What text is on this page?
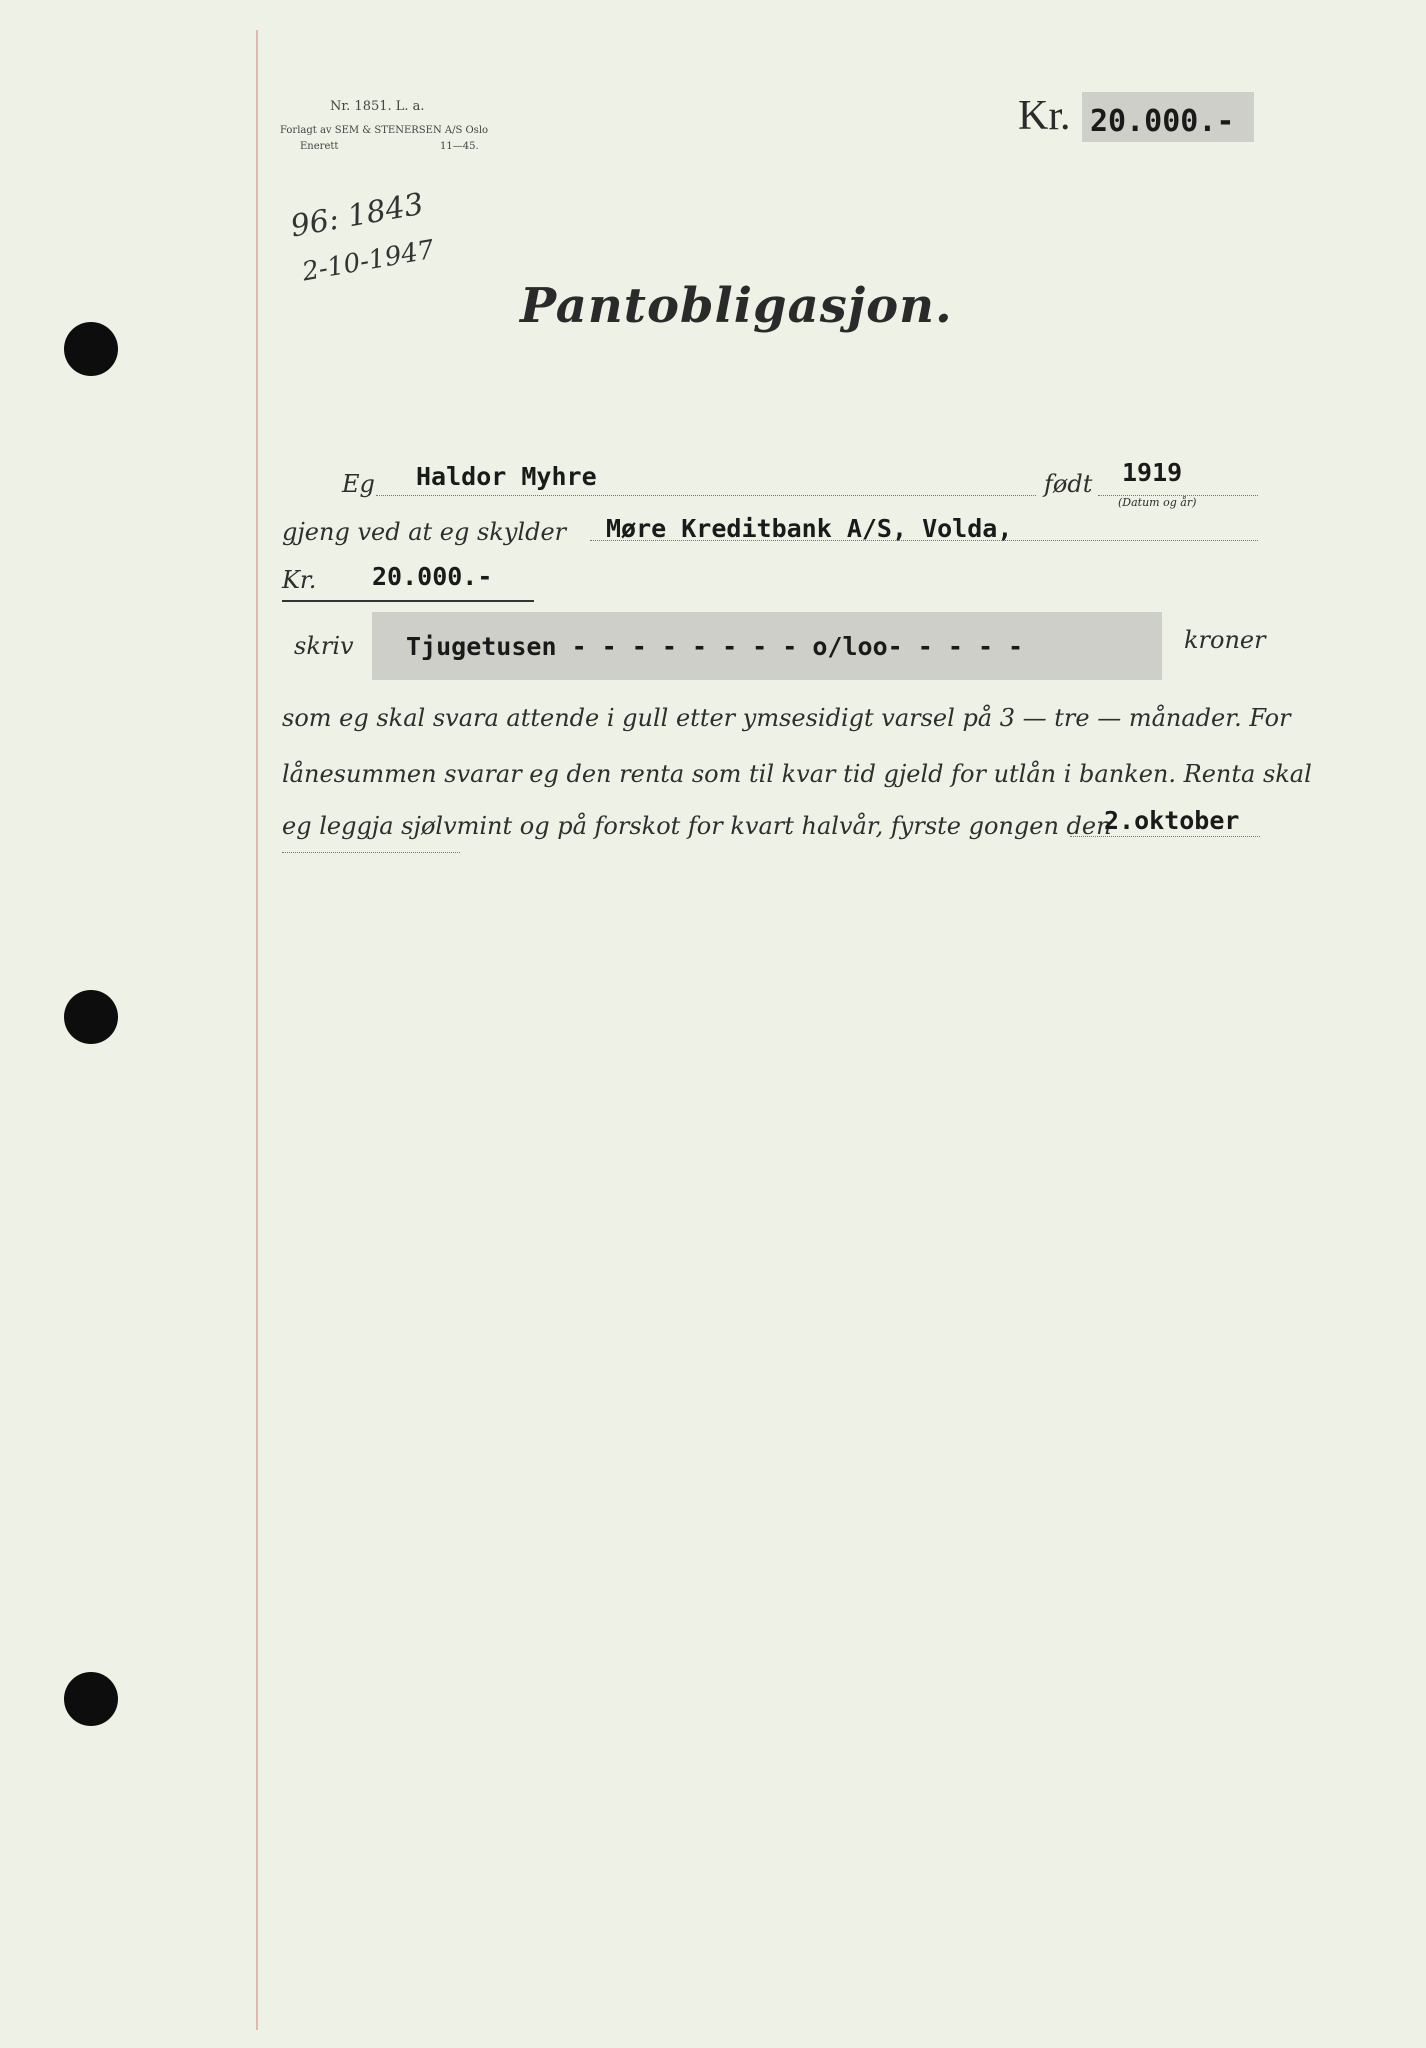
Nr. 1851. L. a.
Forlagt av SEM & STENERSEN A/S Oslo
Enerett	11—45.
96: 1843
2-10-1947
Kr. 20.000.-
Pantobligasjon.
Eg Haldor Myhre	født 1919
(Datum og år)
gjeng ved at eg skylder Møre Kreditbank A/S, Volda,
Kr. 20.000.-
skriv Tjugetusen - - - - - - - - o/loo- - - - -	kroner
som eg skal svara attende i gull etter ymsesidigt varsel på 3 — tre — månader. For
lånesummen svarar eg den renta som til kvar tid gjeld for utlån i banken. Renta skal
eg leggja sjølvmint og på forskot for kvart halvår, fyrste gongen den
2.oktober
